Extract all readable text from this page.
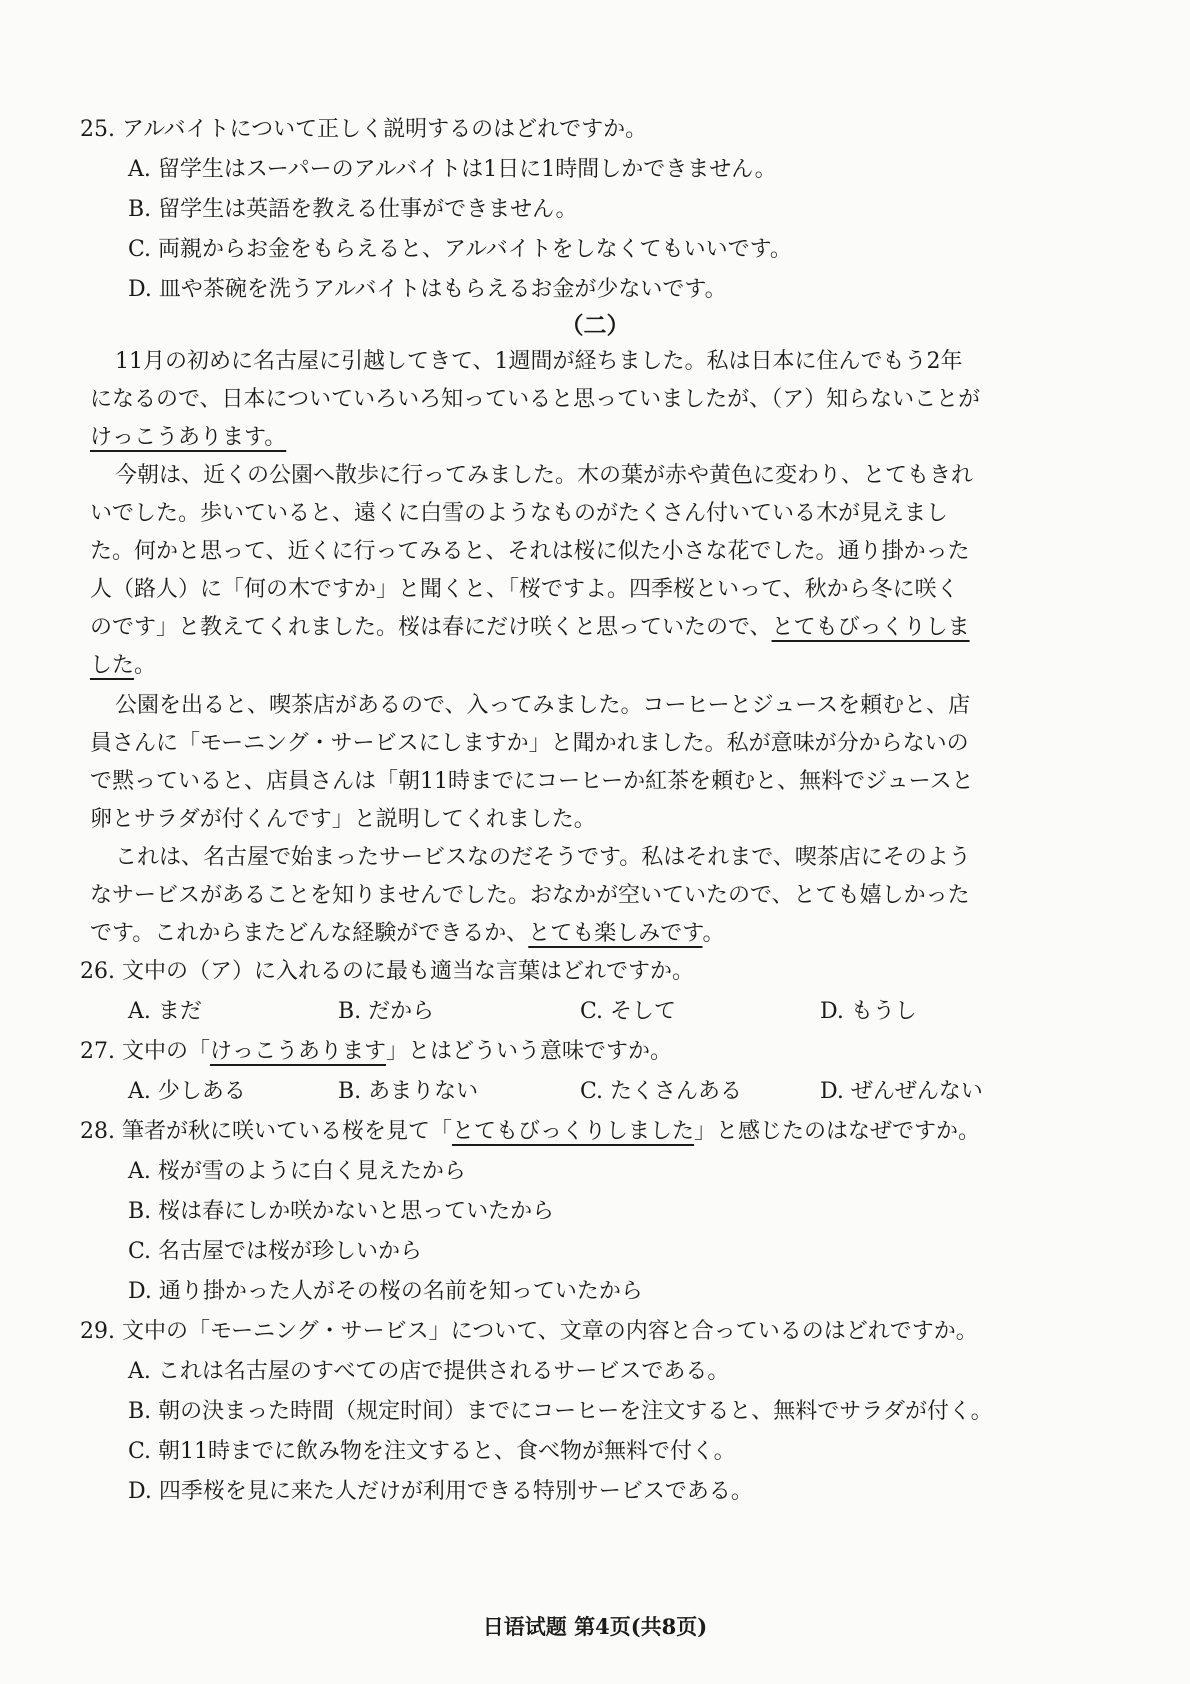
25. アルバイトについて正しく説明するのはどれですか。
A. 留学生はスーパーのアルバイトは1日に1時間しかできません。
B. 留学生は英語を教える仕事ができません。
C. 両親からお金をもらえると、アルバイトをしなくてもいいです。
D. 皿や茶碗を洗うアルバイトはもらえるお金が少ないです。
（二）
11月の初めに名古屋に引越してきて、1週間が経ちました。私は日本に住んでもう2年
になるので、日本についていろいろ知っていると思っていましたが、（ア）知らないことが
けっこうあります。
今朝は、近くの公園へ散歩に行ってみました。木の葉が赤や黄色に変わり、とてもきれ
いでした。歩いていると、遠くに白雪のようなものがたくさん付いている木が見えまし
た。何かと思って、近くに行ってみると、それは桜に似た小さな花でした。通り掛かった
人（路人）に「何の木ですか」と聞くと、「桜ですよ。四季桜といって、秋から冬に咲く
のです」と教えてくれました。桜は春にだけ咲くと思っていたので、とてもびっくりしま
した。
公園を出ると、喫茶店があるので、入ってみました。コーヒーとジュースを頼むと、店
員さんに「モーニング・サービスにしますか」と聞かれました。私が意味が分からないの
で黙っていると、店員さんは「朝11時までにコーヒーか紅茶を頼むと、無料でジュースと
卵とサラダが付くんです」と説明してくれました。
これは、名古屋で始まったサービスなのだそうです。私はそれまで、喫茶店にそのよう
なサービスがあることを知りませんでした。おなかが空いていたので、とても嬉しかった
です。これからまたどんな経験ができるか、とても楽しみです。
26. 文中の（ア）に入れるのに最も適当な言葉はどれですか。
A. まだ	B. だから	C. そして	D. もうし
27. 文中の「けっこうあります」とはどういう意味ですか。
A. 少しある	B. あまりない	C. たくさんある	D. ぜんぜんない
28. 筆者が秋に咲いている桜を見て「とてもびっくりしました」と感じたのはなぜですか。
A. 桜が雪のように白く見えたから
B. 桜は春にしか咲かないと思っていたから
C. 名古屋では桜が珍しいから
D. 通り掛かった人がその桜の名前を知っていたから
29. 文中の「モーニング・サービス」について、文章の内容と合っているのはどれですか。
A. これは名古屋のすべての店で提供されるサービスである。
B. 朝の決まった時間（规定时间）までにコーヒーを注文すると、無料でサラダが付く。
C. 朝11時までに飲み物を注文すると、食べ物が無料で付く。
D. 四季桜を見に来た人だけが利用できる特別サービスである。
日语试题 第4页(共8页)
